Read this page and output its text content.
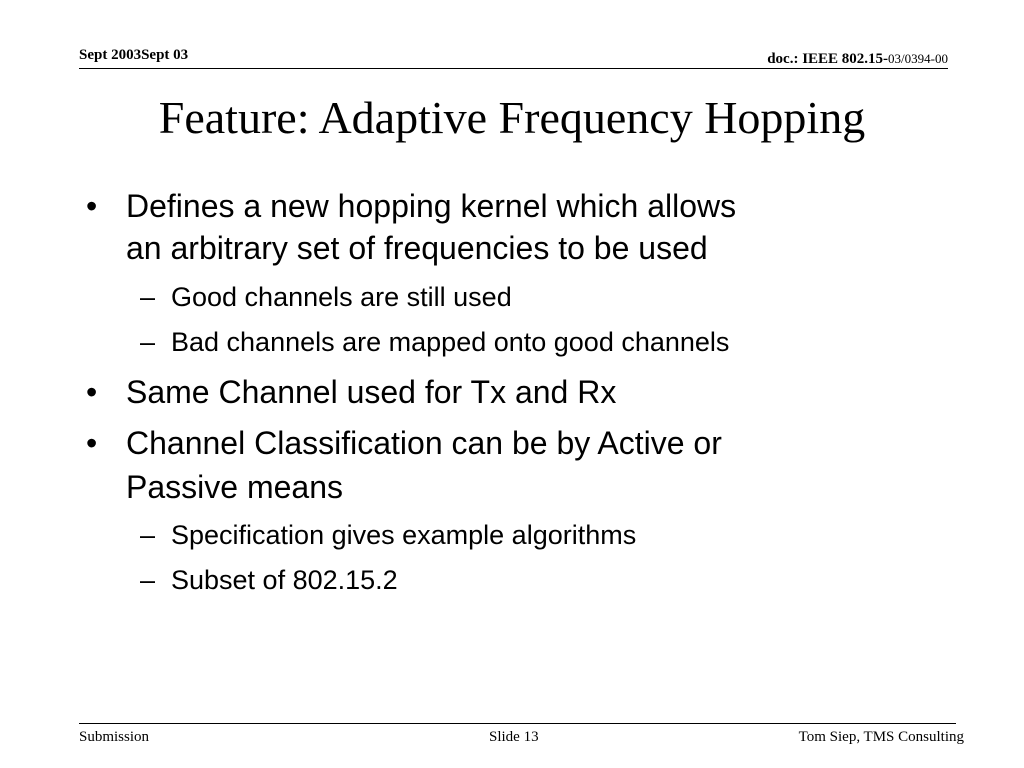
Sept 2003Sept 03	doc.: IEEE 802.15-03/0394-00
Feature: Adaptive Frequency Hopping
• Defines a new hopping kernel which allows
an arbitrary set of frequencies to be used
– Good channels are still used
– Bad channels are mapped onto good channels
• Same Channel used for Tx and Rx
• Channel Classification can be by Active or
Passive means
– Specification gives example algorithms
– Subset of 802.15.2
Submission	Slide 13	Tom Siep, TMS Consulting
